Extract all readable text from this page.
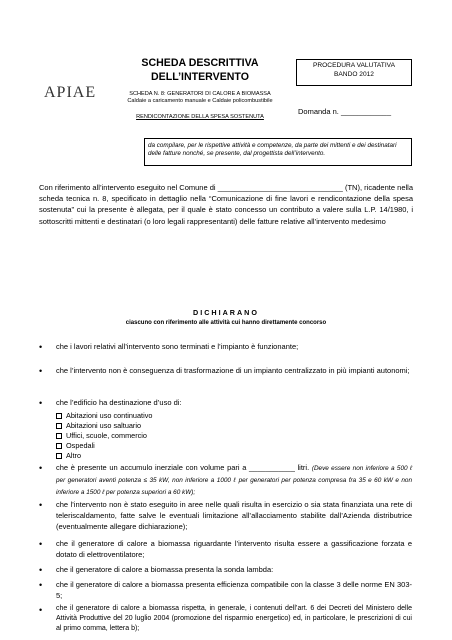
APIAE
SCHEDA DESCRITTIVA
DELL’INTERVENTO
SCHEDA N. 8: GENERATORI DI CALORE A BIOMASSA
Caldaie a caricamento manuale e Caldaie policombustibile
RENDICONTAZIONE DELLA SPESA SOSTENUTA
PROCEDURA VALUTATIVA
BANDO 2012
Domanda n. ____________
da compilare, per le rispettive attività e competenze, da parte dei mittenti e dei destinatari delle fatture nonché, se presente, dal progettista dell’intervento.
Con riferimento all’intervento eseguito nel Comune di ______________________________ (TN), ricadente nella scheda tecnica n. 8, specificato in dettaglio nella “Comunicazione di fine lavori e rendicontazione della spesa sostenuta” cui la presente è allegata, per il quale è stato concesso un contributo a valere sulla L.P. 14/1980, i sottoscritti mittenti e destinatari (o loro legali rappresentanti) delle fatture relative all’intervento medesimo
DICHIARANO
ciascuno con riferimento alle attività cui hanno direttamente concorso
• che i lavori relativi all’intervento sono terminati e l’impianto è funzionante;
• che l’intervento non è conseguenza di trasformazione di un impianto centralizzato in più impianti autonomi;
• che l’edificio ha destinazione d’uso di:
Abitazioni uso continuativo
Abitazioni uso saltuario
Uffici, scuole, commercio
Ospedali
Altro
• che è presente un accumulo inerziale con volume pari a ___________ litri. (Deve essere non inferiore a 500 ℓ per generatori aventi potenza ≤ 35 kW, non inferiore a 1000 ℓ per generatori per potenza compresa fra 35 e 60 kW e non inferiore a 1500 ℓ per potenza superiori a 60 kW);
• che l’intervento non è stato eseguito in aree nelle quali risulta in esercizio o sia stata finanziata una rete di teleriscaldamento, fatte salve le eventuali limitazione all’allacciamento stabilite dall’Azienda distributrice (eventualmente allegare dichiarazione);
• che il generatore di calore a biomassa riguardante l’intervento risulta essere a gassificazione forzata e dotato di elettroventilatore;
• che il generatore di calore a biomassa presenta la sonda lambda:
• che il generatore di calore a biomassa presenta efficienza compatibile con la classe 3 delle norme EN 303-5;
• che il generatore di calore a biomassa rispetta, in generale, i contenuti dell’art. 6 dei Decreti del Ministero delle Attività Produttive del 20 luglio 2004 (promozione del risparmio energetico) ed, in particolare, le prescrizioni di cui al primo comma, lettera b);
